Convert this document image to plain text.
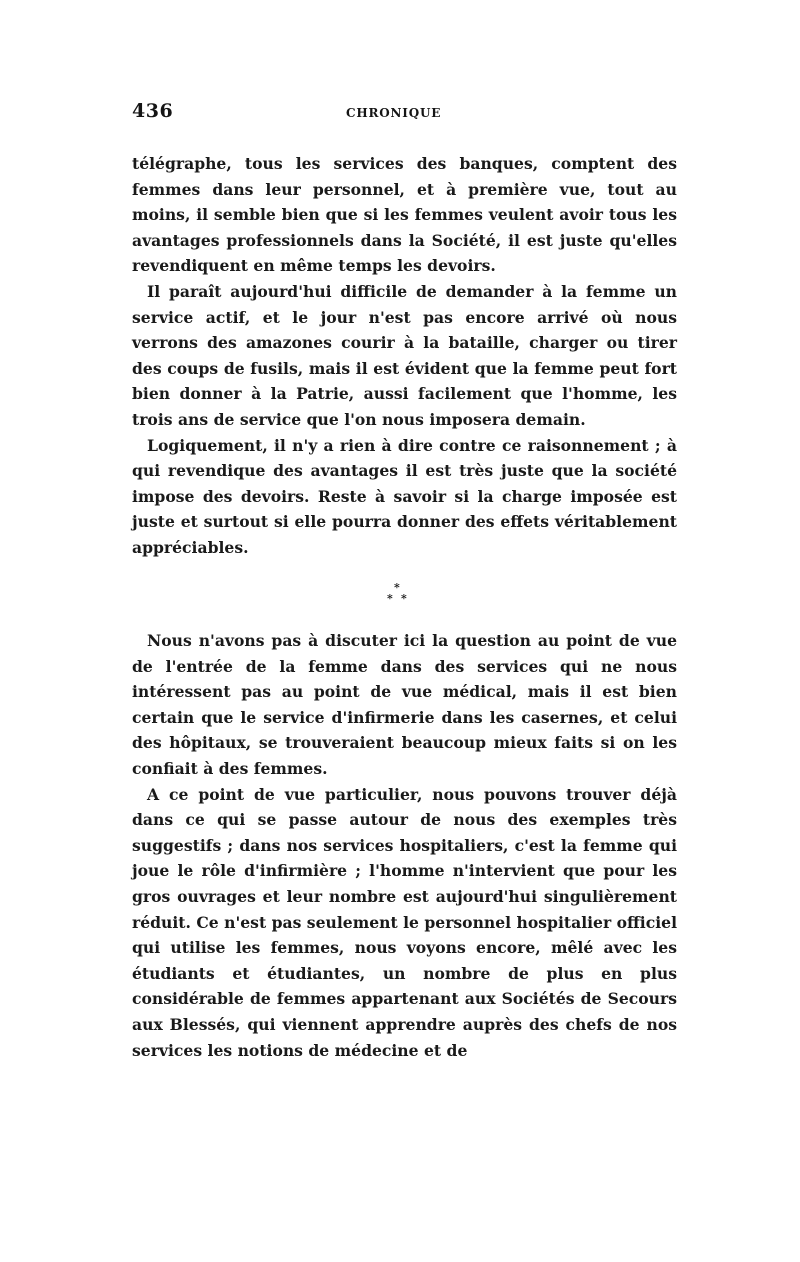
436	CHRONIQUE

télégraphe, tous les services des banques, comptent des femmes dans leur personnel, et à première vue, tout au moins, il semble bien que si les femmes veulent avoir tous les avantages professionnels dans la Société, il est juste qu'elles revendiquent en même temps les devoirs.

Il paraît aujourd'hui difficile de demander à la femme un service actif, et le jour n'est pas encore arrivé où nous verrons des amazones courir à la bataille, charger ou tirer des coups de fusils, mais il est évident que la femme peut fort bien donner à la Patrie, aussi facilement que l'homme, les trois ans de service que l'on nous imposera demain.

Logiquement, il n'y a rien à dire contre ce raisonnement ; à qui revendique des avantages il est très juste que la société impose des devoirs. Reste à savoir si la charge imposée est juste et surtout si elle pourra donner des effets véritablement appréciables.

*
* *

Nous n'avons pas à discuter ici la question au point de vue de l'entrée de la femme dans des services qui ne nous intéressent pas au point de vue médical, mais il est bien certain que le service d'infirmerie dans les casernes, et celui des hôpitaux, se trouveraient beaucoup mieux faits si on les confiait à des femmes.

A ce point de vue particulier, nous pouvons trouver déjà dans ce qui se passe autour de nous des exemples très suggestifs ; dans nos services hospitaliers, c'est la femme qui joue le rôle d'infirmière ; l'homme n'intervient que pour les gros ouvrages et leur nombre est aujourd'hui singulièrement réduit. Ce n'est pas seulement le personnel hospitalier officiel qui utilise les femmes, nous voyons encore, mêlé avec les étudiants et étudiantes, un nombre de plus en plus considérable de femmes appartenant aux Sociétés de Secours aux Blessés, qui viennent apprendre auprès des chefs de nos services les notions de médecine et de
